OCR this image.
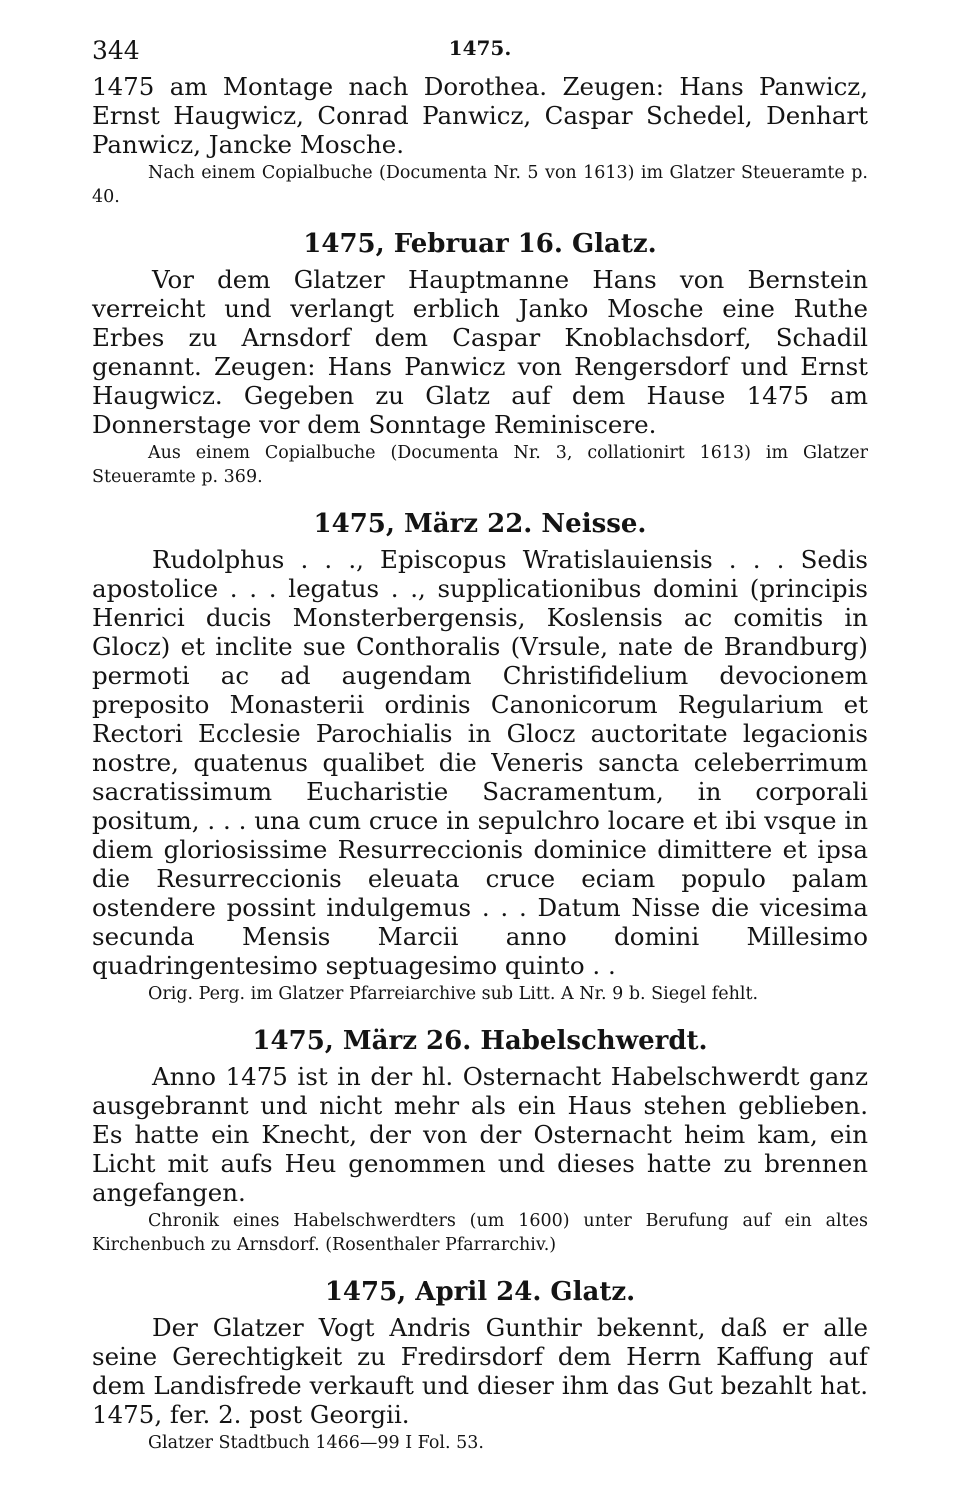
344	1475.

1475 am Montage nach Dorothea. Zeugen: Hans Panwicz, Ernst Haugwicz, Conrad Panwicz, Caspar Schedel, Denhart Panwicz, Jancke Mosche.

Nach einem Copialbuche (Documenta Nr. 5 von 1613) im Glatzer Steueramte p. 40.

1475, Februar 16. Glatz.

Vor dem Glatzer Hauptmanne Hans von Bernstein verreicht und verlangt erblich Janko Mosche eine Ruthe Erbes zu Arnsdorf dem Caspar Knoblachsdorf, Schadil genannt. Zeugen: Hans Panwicz von Rengersdorf und Ernst Haugwicz. Gegeben zu Glatz auf dem Hause 1475 am Donnerstage vor dem Sonntage Reminiscere.

Aus einem Copialbuche (Documenta Nr. 3, collationirt 1613) im Glatzer Steueramte p. 369.

1475, März 22. Neisse.

Rudolphus . . ., Episcopus Wratislauiensis . . . Sedis apostolice . . . legatus . ., supplicationibus domini (principis Henrici ducis Monsterbergensis, Koslensis ac comitis in Glocz) et inclite sue Conthoralis (Vrsule, nate de Brandburg) permoti ac ad augendam Christifidelium devocionem preposito Monasterii ordinis Canonicorum Regularium et Rectori Ecclesie Parochialis in Glocz auctoritate legacionis nostre, quatenus qualibet die Veneris sancta celeberrimum sacratissimum Eucharistie Sacramentum, in corporali positum, . . . una cum cruce in sepulchro locare et ibi vsque in diem gloriosissime Resurreccionis dominice dimittere et ipsa die Resurreccionis eleuata cruce eciam populo palam ostendere possint indulgemus . . . Datum Nisse die vicesima secunda Mensis Marcii anno domini Millesimo quadringentesimo septuagesimo quinto . .

Orig. Perg. im Glatzer Pfarreiarchive sub Litt. A Nr. 9 b. Siegel fehlt.

1475, März 26. Habelschwerdt.

Anno 1475 ist in der hl. Osternacht Habelschwerdt ganz ausgebrannt und nicht mehr als ein Haus stehen geblieben. Es hatte ein Knecht, der von der Osternacht heim kam, ein Licht mit aufs Heu genommen und dieses hatte zu brennen angefangen.

Chronik eines Habelschwerdters (um 1600) unter Berufung auf ein altes Kirchenbuch zu Arnsdorf. (Rosenthaler Pfarrarchiv.)

1475, April 24. Glatz.

Der Glatzer Vogt Andris Gunthir bekennt, daß er alle seine Gerechtigkeit zu Fredirsdorf dem Herrn Kaffung auf dem Landisfrede verkauft und dieser ihm das Gut bezahlt hat. 1475, fer. 2. post Georgii.

Glatzer Stadtbuch 1466—99 I Fol. 53.
